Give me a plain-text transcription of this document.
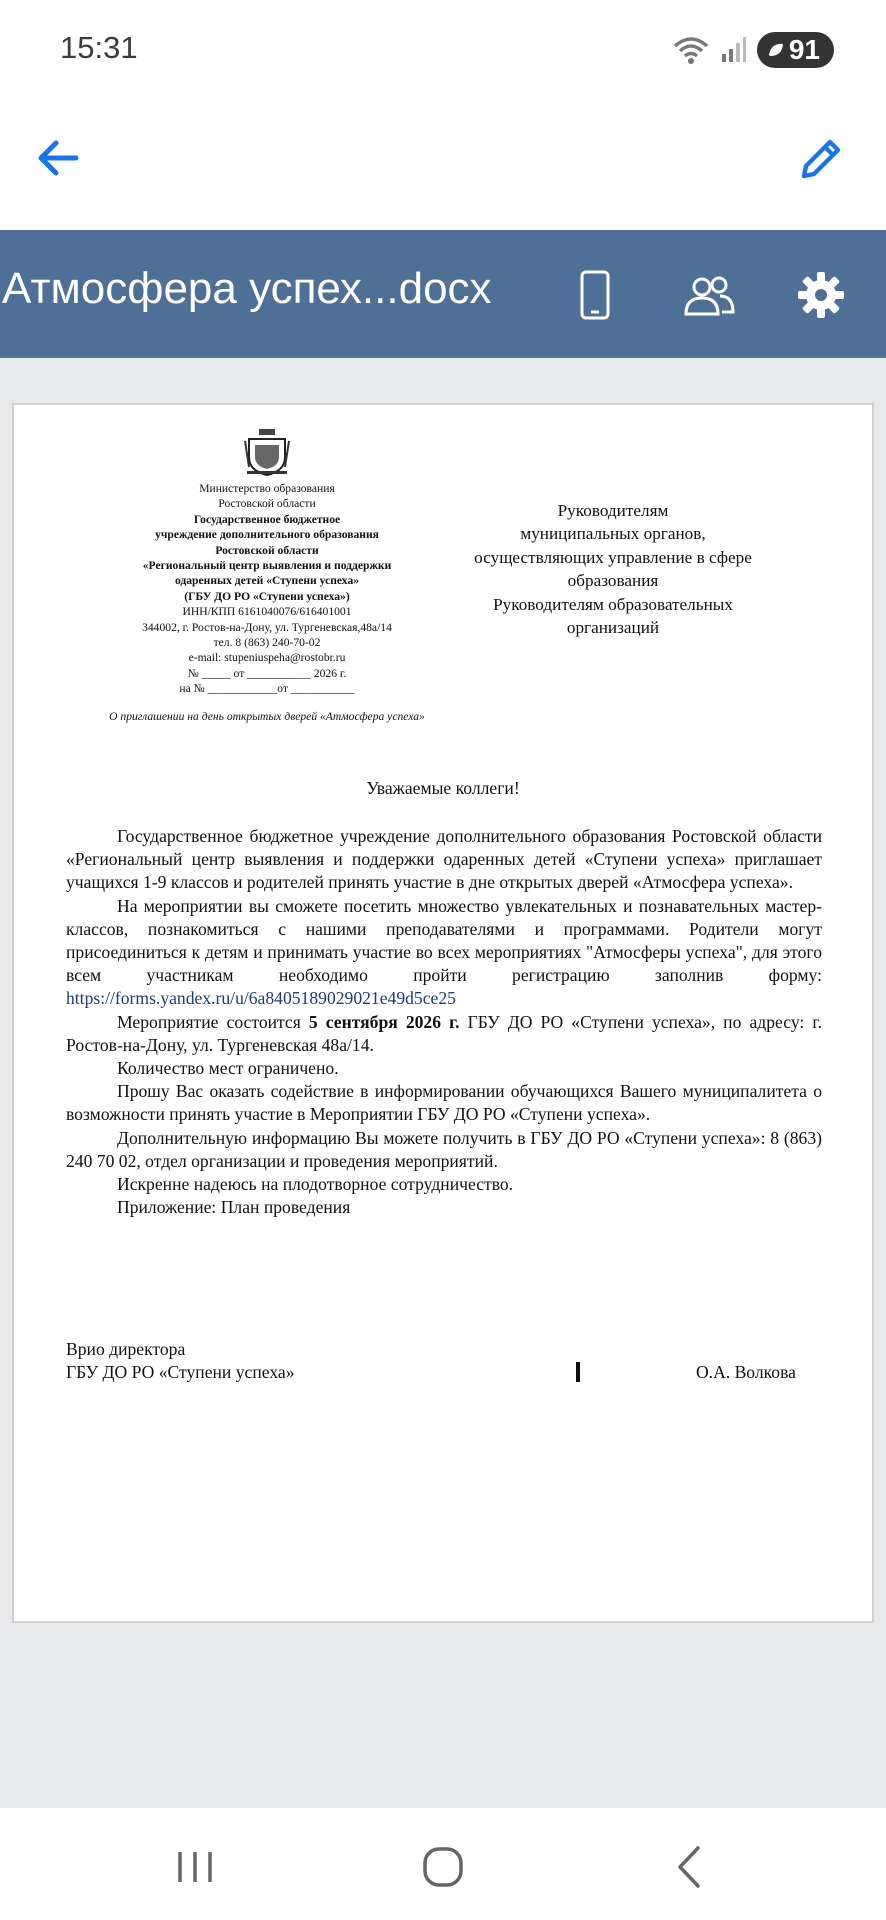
15:31	91
Атмосфера успех...docx
Министерство образования
Ростовской области
Государственное бюджетное
учреждение дополнительного образования
Ростовской области
«Региональный центр выявления и поддержки
одаренных детей «Ступени успеха»
(ГБУ ДО РО «Ступени успеха»)
ИНН/КПП 6161040076/616401001
344002, г. Ростов-на-Дону, ул. Тургеневская,48а/14
тел. 8 (863) 240-70-02
e-mail: stupeniuspeha@rostobr.ru
№ _____ от ___________ 2026 г.
на № ____________от ___________
О приглашении на день открытых дверей «Атмосфера успеха»
Руководителям
муниципальных органов,
осуществляющих управление в сфере
образования
Руководителям образовательных
организаций
Уважаемые коллеги!

Государственное бюджетное учреждение дополнительного образования Ростовской области «Региональный центр выявления и поддержки одаренных детей «Ступени успеха» приглашает учащихся 1-9 классов и родителей принять участие в дне открытых дверей «Атмосфера успеха».

На мероприятии вы сможете посетить множество увлекательных и познавательных мастер-классов, познакомиться с нашими преподавателями и программами. Родители могут присоединиться к детям и принимать участие во всех мероприятиях "Атмосферы успеха", для этого всем участникам необходимо пройти регистрацию заполнив форму: https://forms.yandex.ru/u/6a8405189029021e49d5ce25

Мероприятие состоится 5 сентября 2026 г. ГБУ ДО РО «Ступени успеха», по адресу: г. Ростов-на-Дону, ул. Тургеневская 48а/14.

Количество мест ограничено.

Прошу Вас оказать содействие в информировании обучающихся Вашего муниципалитета о возможности принять участие в Мероприятии ГБУ ДО РО «Ступени успеха».

Дополнительную информацию Вы можете получить в ГБУ ДО РО «Ступени успеха»: 8 (863) 240 70 02, отдел организации и проведения мероприятий.

Искренне надеюсь на плодотворное сотрудничество.

Приложение: План проведения

Врио директора
ГБУ ДО РО «Ступени успеха»	О.А. Волкова
